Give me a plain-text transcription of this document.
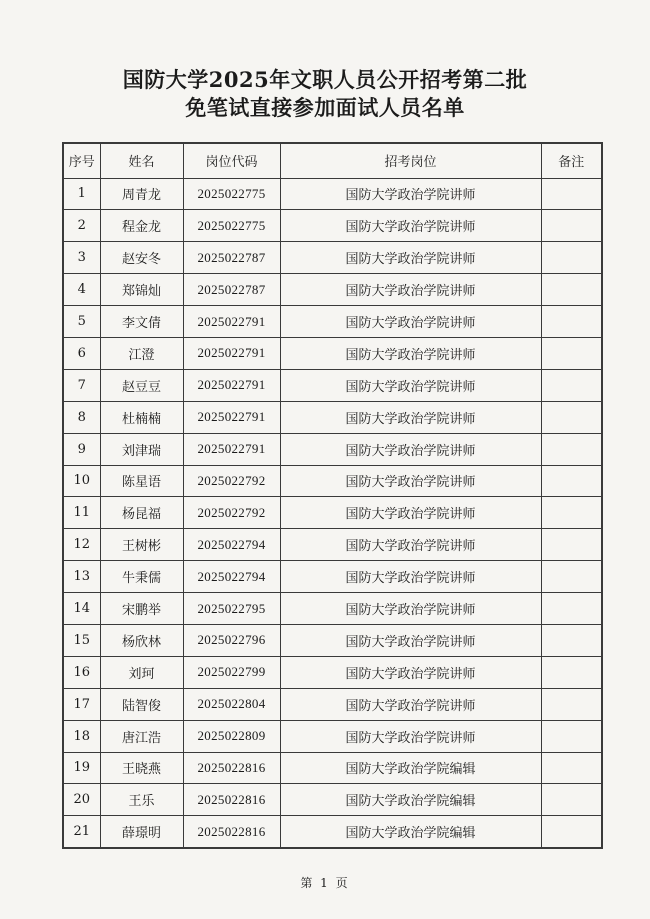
国防大学2025年文职人员公开招考第二批
免笔试直接参加面试人员名单
序号	姓名	岗位代码	招考岗位	备注
1	周青龙	2025022775	国防大学政治学院讲师	
2	程金龙	2025022775	国防大学政治学院讲师	
3	赵安冬	2025022787	国防大学政治学院讲师	
4	郑锦灿	2025022787	国防大学政治学院讲师	
5	李文倩	2025022791	国防大学政治学院讲师	
6	江澄	2025022791	国防大学政治学院讲师	
7	赵豆豆	2025022791	国防大学政治学院讲师	
8	杜楠楠	2025022791	国防大学政治学院讲师	
9	刘津瑞	2025022791	国防大学政治学院讲师	
10	陈星语	2025022792	国防大学政治学院讲师	
11	杨昆福	2025022792	国防大学政治学院讲师	
12	王树彬	2025022794	国防大学政治学院讲师	
13	牛秉儒	2025022794	国防大学政治学院讲师	
14	宋鹏举	2025022795	国防大学政治学院讲师	
15	杨欣林	2025022796	国防大学政治学院讲师	
16	刘珂	2025022799	国防大学政治学院讲师	
17	陆智俊	2025022804	国防大学政治学院讲师	
18	唐江浩	2025022809	国防大学政治学院讲师	
19	王晓燕	2025022816	国防大学政治学院编辑	
20	王乐	2025022816	国防大学政治学院编辑	
21	薛璟明	2025022816	国防大学政治学院编辑	
第 1 页
